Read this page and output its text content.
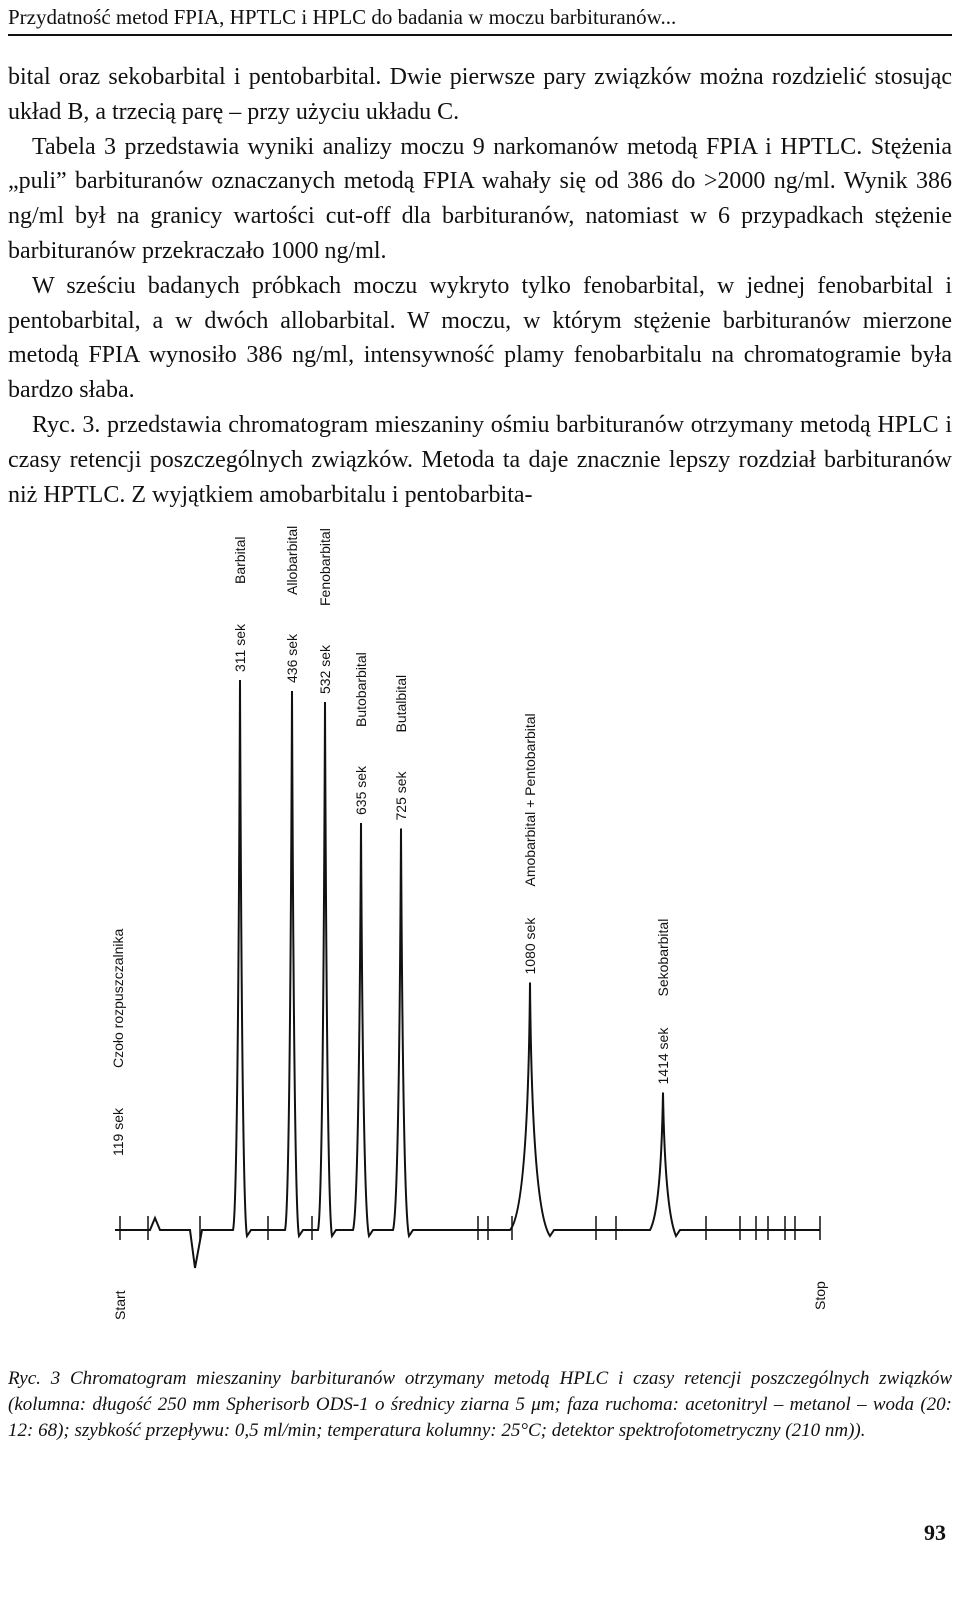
Przydatność metod FPIA, HPTLC i HPLC do badania w moczu barbituranów...

bital oraz sekobarbital i pentobarbital. Dwie pierwsze pary związków można rozdzielić stosując układ B, a trzecią parę – przy użyciu układu C.

Tabela 3 przedstawia wyniki analizy moczu 9 narkomanów metodą FPIA i HPTLC. Stężenia „puli” barbituranów oznaczanych metodą FPIA wahały się od 386 do >2000 ng/ml. Wynik 386 ng/ml był na granicy wartości cut-off dla barbituranów, natomiast w 6 przypadkach stężenie barbituranów przekraczało 1000 ng/ml.

W sześciu badanych próbkach moczu wykryto tylko fenobarbital, w jednej fenobarbital i pentobarbital, a w dwóch allobarbital. W moczu, w którym stężenie barbituranów mierzone metodą FPIA wynosiło 386 ng/ml, intensywność plamy fenobarbitalu na chromatogramie była bardzo słaba.

Ryc. 3. przedstawia chromatogram mieszaniny ośmiu barbituranów otrzymany metodą HPLC i czasy retencji poszczególnych związków. Metoda ta daje znacznie lepszy rozdział barbituranów niż HPTLC. Z wyjątkiem amobarbitalu i pentobarbita-

119 sek
Czoło rozpuszczalnika
311 sek
Barbital
436 sek
Allobarbital
532 sek
Fenobarbital
635 sek
Butobarbital
725 sek
Butalbital
1080 sek
Amobarbital + Pentobarbital
1414 sek
Sekobarbital
Start	Stop
Ryc. 3 Chromatogram mieszaniny barbituranów otrzymany metodą HPLC i czasy retencji poszczególnych związków (kolumna: długość 250 mm Spherisorb ODS-1 o średnicy ziarna 5 μm; faza ruchoma: acetonitryl – metanol – woda (20: 12: 68); szybkość przepływu: 0,5 ml/min; temperatura kolumny: 25°C; detektor spektrofotometryczny (210 nm)).
93
